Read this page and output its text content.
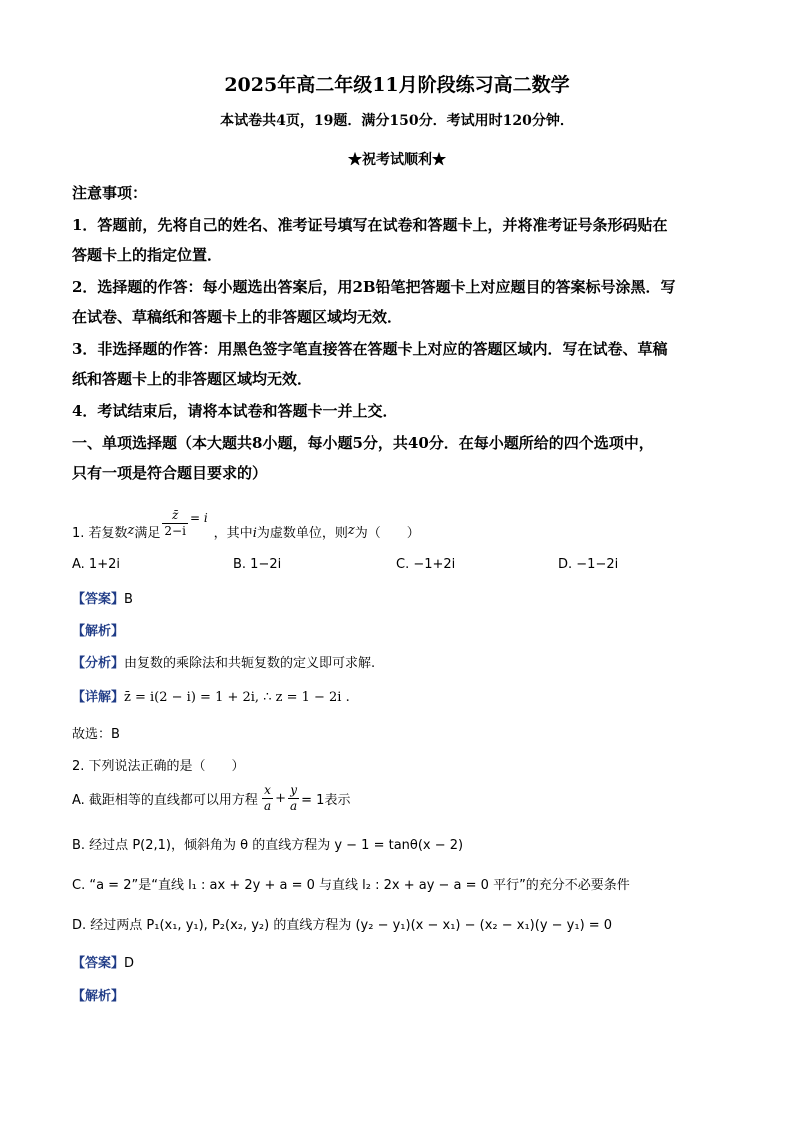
2025年高二年级11月阶段练习高二数学
本试卷共4页，19题．满分150分．考试用时120分钟．
★祝考试顺利★
注意事项：
1．答题前，先将自己的姓名、准考证号填写在试卷和答题卡上，并将准考证号条形码贴在
答题卡上的指定位置．
2．选择题的作答：每小题选出答案后，用2B铅笔把答题卡上对应题目的答案标号涂黑．写
在试卷、草稿纸和答题卡上的非答题区域均无效．
3．非选择题的作答：用黑色签字笔直接答在答题卡上对应的答题区域内．写在试卷、草稿
纸和答题卡上的非答题区域均无效．
4．考试结束后，请将本试卷和答题卡一并上交．
一、单项选择题（本大题共8小题，每小题5分，共40分．在每小题所给的四个选项中，
只有一项是符合题目要求的）
1. 若复数 z 满足 $\frac{z̄}{2-i} = i$
，其中 i 为虚数单位，则 z 为（　　）
A. 1+2i	B. 1−2i	C. −1+2i	D. −1−2i
【答案】B
【解析】
【分析】由复数的乘除法和共轭复数的定义即可求解.
【详解】z̄ = i(2 − i) = 1 + 2i, ∴ z = 1 − 2i .
故选：B
2. 下列说法正确的是（　　）
A. 截距相等的直线都可以用方程 $\frac{x}{a} + \frac{y}{a} = 1$表示
B. 经过点 P(2,1)，倾斜角为 θ 的直线方程为 y − 1 = tanθ(x − 2)
C. “a = 2”是“直线 l₁ : ax + 2y + a = 0 与直线 l₂ : 2x + ay − a = 0 平行”的充分不必要条件
D. 经过两点 P₁(x₁, y₁), P₂(x₂, y₂) 的直线方程为 (y₂ − y₁)(x − x₁) − (x₂ − x₁)(y − y₁) = 0
【答案】D
【解析】
